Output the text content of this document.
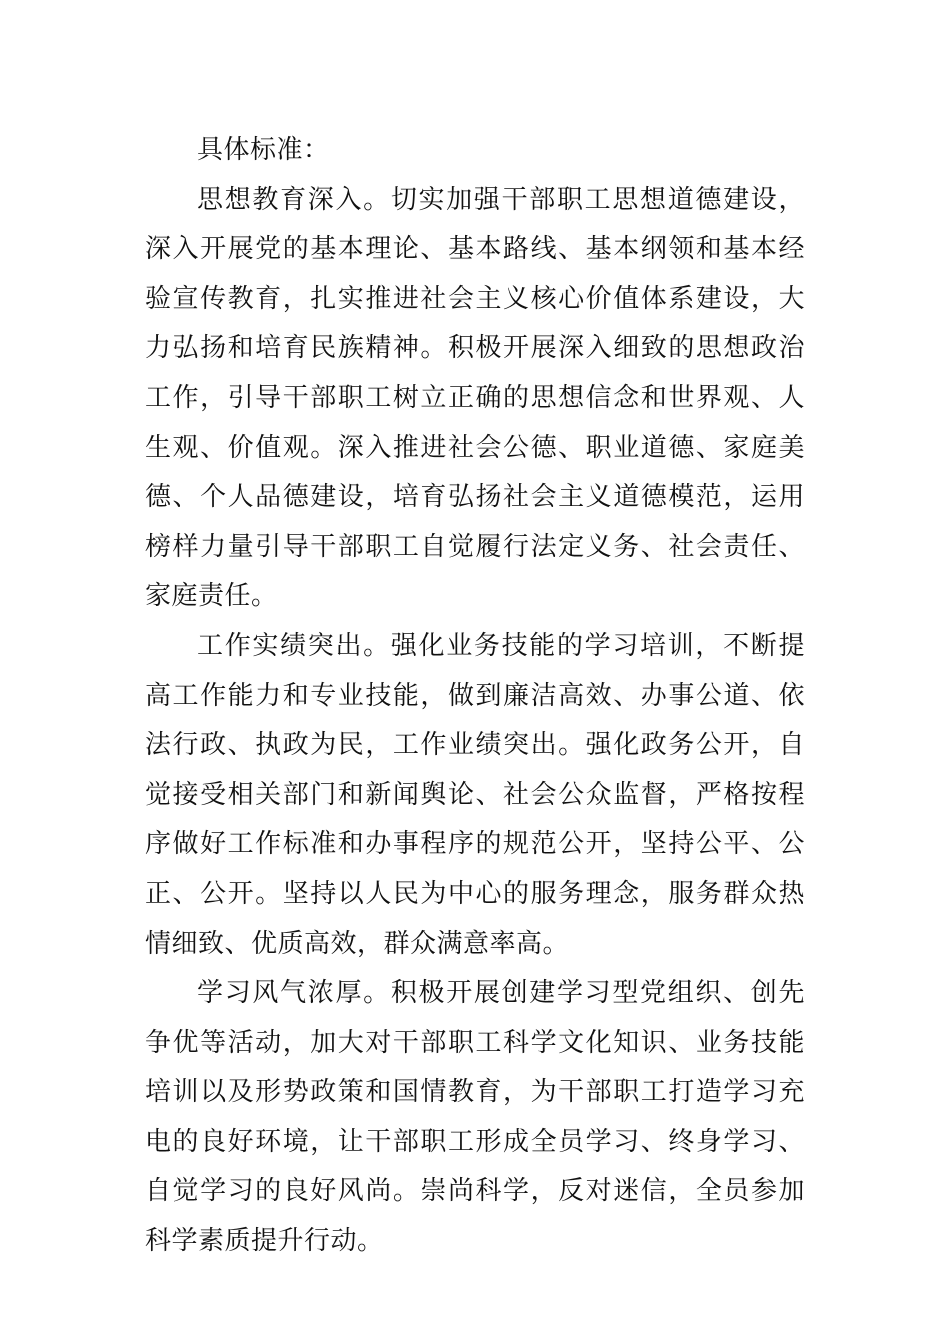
具体标准：

思想教育深入。切实加强干部职工思想道德建设，深入开展党的基本理论、基本路线、基本纲领和基本经验宣传教育，扎实推进社会主义核心价值体系建设，大力弘扬和培育民族精神。积极开展深入细致的思想政治工作，引导干部职工树立正确的思想信念和世界观、人生观、价值观。深入推进社会公德、职业道德、家庭美德、个人品德建设，培育弘扬社会主义道德模范，运用榜样力量引导干部职工自觉履行法定义务、社会责任、家庭责任。

工作实绩突出。强化业务技能的学习培训，不断提高工作能力和专业技能，做到廉洁高效、办事公道、依法行政、执政为民，工作业绩突出。强化政务公开，自觉接受相关部门和新闻舆论、社会公众监督，严格按程序做好工作标准和办事程序的规范公开，坚持公平、公正、公开。坚持以人民为中心的服务理念，服务群众热情细致、优质高效，群众满意率高。

学习风气浓厚。积极开展创建学习型党组织、创先争优等活动，加大对干部职工科学文化知识、业务技能培训以及形势政策和国情教育，为干部职工打造学习充电的良好环境，让干部职工形成全员学习、终身学习、自觉学习的良好风尚。崇尚科学，反对迷信，全员参加科学素质提升行动。
